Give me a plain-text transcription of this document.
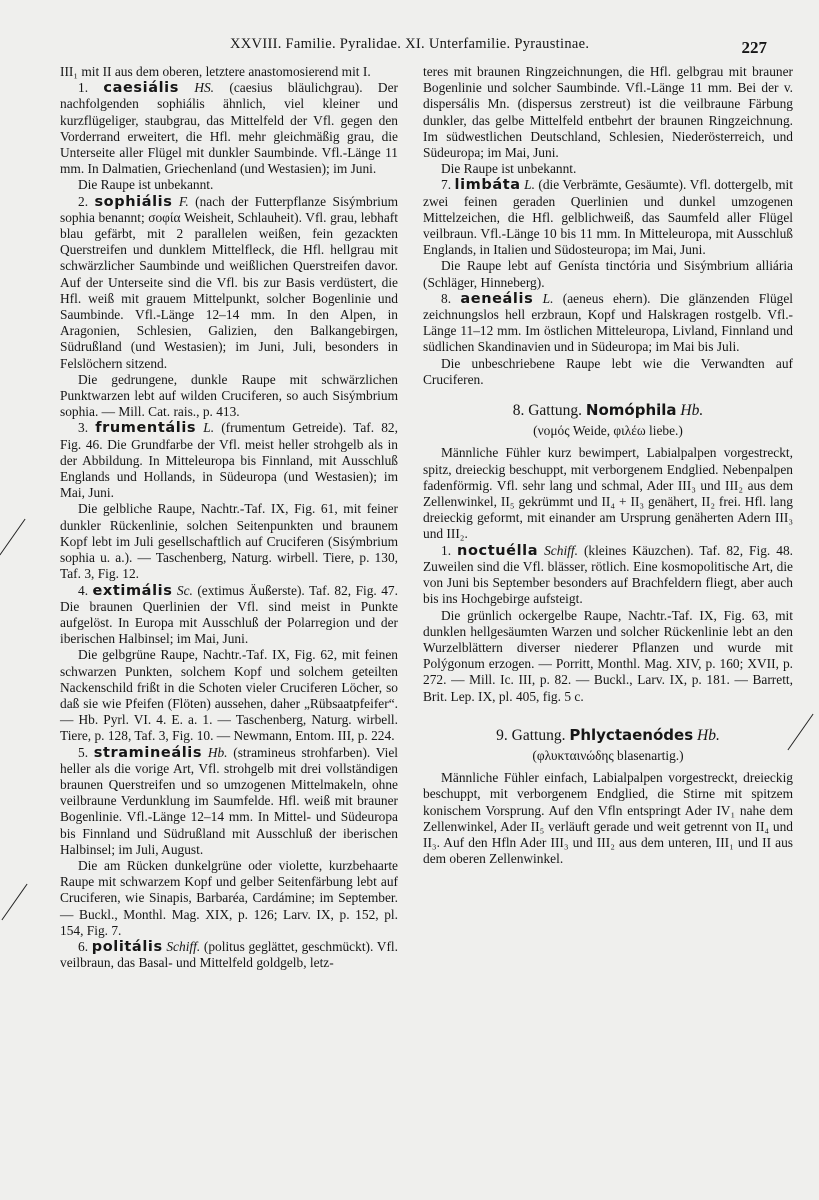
XXVIII. Familie. Pyralidae. XI. Unterfamilie. Pyraustinae.	227

III₁ mit II aus dem oberen, letztere anastomosierend mit I.

1. caesiális HS. (caesius bläulichgrau). Der nachfolgenden sophiális ähnlich, viel kleiner und kurzflügeliger, staubgrau, das Mittelfeld der Vfl. gegen den Vorderrand erweitert, die Hfl. mehr gleichmäßig grau, die Unterseite aller Flügel mit dunkler Saumbinde. Vfl.-Länge 11 mm. In Dalmatien, Griechenland (und Westasien); im Juni.

Die Raupe ist unbekannt.

2. sophiális F. (nach der Futterpflanze Sisýmbrium sophia benannt; σοφία Weisheit, Schlauheit). Vfl. grau, lebhaft blau gefärbt, mit 2 parallelen weißen, fein gezackten Querstreifen und dunklem Mittelfleck, die Hfl. hellgrau mit schwärzlicher Saumbinde und weißlichen Querstreifen davor. Auf der Unterseite sind die Vfl. bis zur Basis verdüstert, die Hfl. weiß mit grauem Mittelpunkt, solcher Bogenlinie und Saumbinde. Vfl.-Länge 12–14 mm. In den Alpen, in Aragonien, Schlesien, Galizien, den Balkangebirgen, Südrußland (und Westasien); im Juni, Juli, besonders in Felslöchern sitzend.

Die gedrungene, dunkle Raupe mit schwärzlichen Punktwarzen lebt auf wilden Cruciferen, so auch Sisýmbrium sophia. — Mill. Cat. rais., p. 413.

3. frumentális L. (frumentum Getreide). Taf. 82, Fig. 46. Die Grundfarbe der Vfl. meist heller strohgelb als in der Abbildung. In Mitteleuropa bis Finnland, mit Ausschluß Englands und Hollands, in Südeuropa (und Westasien); im Mai, Juni.

Die gelbliche Raupe, Nachtr.-Taf. IX, Fig. 61, mit feiner dunkler Rückenlinie, solchen Seitenpunkten und braunem Kopf lebt im Juli gesellschaftlich auf Cruciferen (Sisýmbrium sophia u. a.). — Taschenberg, Naturg. wirbell. Tiere, p. 130, Taf. 3, Fig. 12.

4. extimális Sc. (extimus Äußerste). Taf. 82, Fig. 47. Die braunen Querlinien der Vfl. sind meist in Punkte aufgelöst. In Europa mit Ausschluß der Polarregion und der iberischen Halbinsel; im Mai, Juni.

Die gelbgrüne Raupe, Nachtr.-Taf. IX, Fig. 62, mit feinen schwarzen Punkten, solchem Kopf und solchem geteilten Nackenschild frißt in die Schoten vieler Cruciferen Löcher, so daß sie wie Pfeifen (Flöten) aussehen, daher „Rübsaatpfeifer“. — Hb. Pyrl. VI. 4. E. a. 1. — Taschenberg, Naturg. wirbell. Tiere, p. 128, Taf. 3, Fig. 10. — Newmann, Entom. III, p. 224.

5. stramineális Hb. (stramineus strohfarben). Viel heller als die vorige Art, Vfl. strohgelb mit drei vollständigen braunen Querstreifen und so umzogenen Mittelmakeln, ohne veilbraune Verdunklung im Saumfelde. Hfl. weiß mit brauner Bogenlinie. Vfl.-Länge 12–14 mm. In Mittel- und Südeuropa bis Finnland und Südrußland mit Ausschluß der iberischen Halbinsel; im Juli, August.

Die am Rücken dunkelgrüne oder violette, kurzbehaarte Raupe mit schwarzem Kopf und gelber Seitenfärbung lebt auf Cruciferen, wie Sinapis, Barbaréa, Cardámine; im September. — Buckl., Monthl. Mag. XIX, p. 126; Larv. IX, p. 152, pl. 154, Fig. 7.

6. politális Schiff. (politus geglättet, geschmückt). Vfl. veilbraun, das Basal- und Mittelfeld goldgelb, letz-

teres mit braunen Ringzeichnungen, die Hfl. gelbgrau mit brauner Bogenlinie und solcher Saumbinde. Vfl.-Länge 11 mm. Bei der v. dispersális Mn. (dispersus zerstreut) ist die veilbraune Färbung dunkler, das gelbe Mittelfeld entbehrt der braunen Ringzeichnung. Im südwestlichen Deutschland, Schlesien, Niederösterreich, und Südeuropa; im Mai, Juni.

Die Raupe ist unbekannt.

7. limbáta L. (die Verbrämte, Gesäumte). Vfl. dottergelb, mit zwei feinen geraden Querlinien und dunkel umzogenen Mittelzeichen, die Hfl. gelblichweiß, das Saumfeld aller Flügel veilbraun. Vfl.-Länge 10 bis 11 mm. In Mitteleuropa, mit Ausschluß Englands, in Italien und Südosteuropa; im Mai, Juni.

Die Raupe lebt auf Genísta tinctória und Sisýmbrium alliária (Schläger, Hinneberg).

8. aeneális L. (aeneus ehern). Die glänzenden Flügel zeichnungslos hell erzbraun, Kopf und Halskragen rostgelb. Vfl.-Länge 11–12 mm. Im östlichen Mitteleuropa, Livland, Finnland und südlichen Skandinavien und in Südeuropa; im Mai bis Juli.

Die unbeschriebene Raupe lebt wie die Verwandten auf Cruciferen.

8. Gattung. Nomóphila Hb.
(νομός Weide, φιλέω liebe.)

Männliche Fühler kurz bewimpert, Labialpalpen vorgestreckt, spitz, dreieckig beschuppt, mit verborgenem Endglied. Nebenpalpen fadenförmig. Vfl. sehr lang und schmal, Ader III₃ und III₂ aus dem Zellenwinkel, II₅ gekrümmt und II₄ + II₃ genähert, II₂ frei. Hfl. lang dreieckig geformt, mit einander am Ursprung genäherten Adern III₃ und III₂.

1. noctuélla Schiff. (kleines Käuzchen). Taf. 82, Fig. 48. Zuweilen sind die Vfl. blässer, rötlich. Eine kosmopolitische Art, die von Juni bis September besonders auf Brachfeldern fliegt, aber auch bis ins Hochgebirge aufsteigt.

Die grünlich ockergelbe Raupe, Nachtr.-Taf. IX, Fig. 63, mit dunklen hellgesäumten Warzen und solcher Rückenlinie lebt an den Wurzelblättern diverser niederer Pflanzen und wurde mit Polýgonum erzogen. — Porritt, Monthl. Mag. XIV, p. 160; XVII, p. 272. — Mill. Ic. III, p. 82. — Buckl., Larv. IX, p. 181. — Barrett, Brit. Lep. IX, pl. 405, fig. 5 c.

9. Gattung. Phlyctaenódes Hb.
(φλυκταινώδης blasenartig.)

Männliche Fühler einfach, Labialpalpen vorgestreckt, dreieckig beschuppt, mit verborgenem Endglied, die Stirne mit spitzem konischem Vorsprung. Auf den Vfln entspringt Ader IV₁ nahe dem Zellenwinkel, Ader II₅ verläuft gerade und weit getrennt von II₄ und II₃. Auf den Hfln Ader III₃ und III₂ aus dem unteren, III₁ und II aus dem oberen Zellenwinkel.
